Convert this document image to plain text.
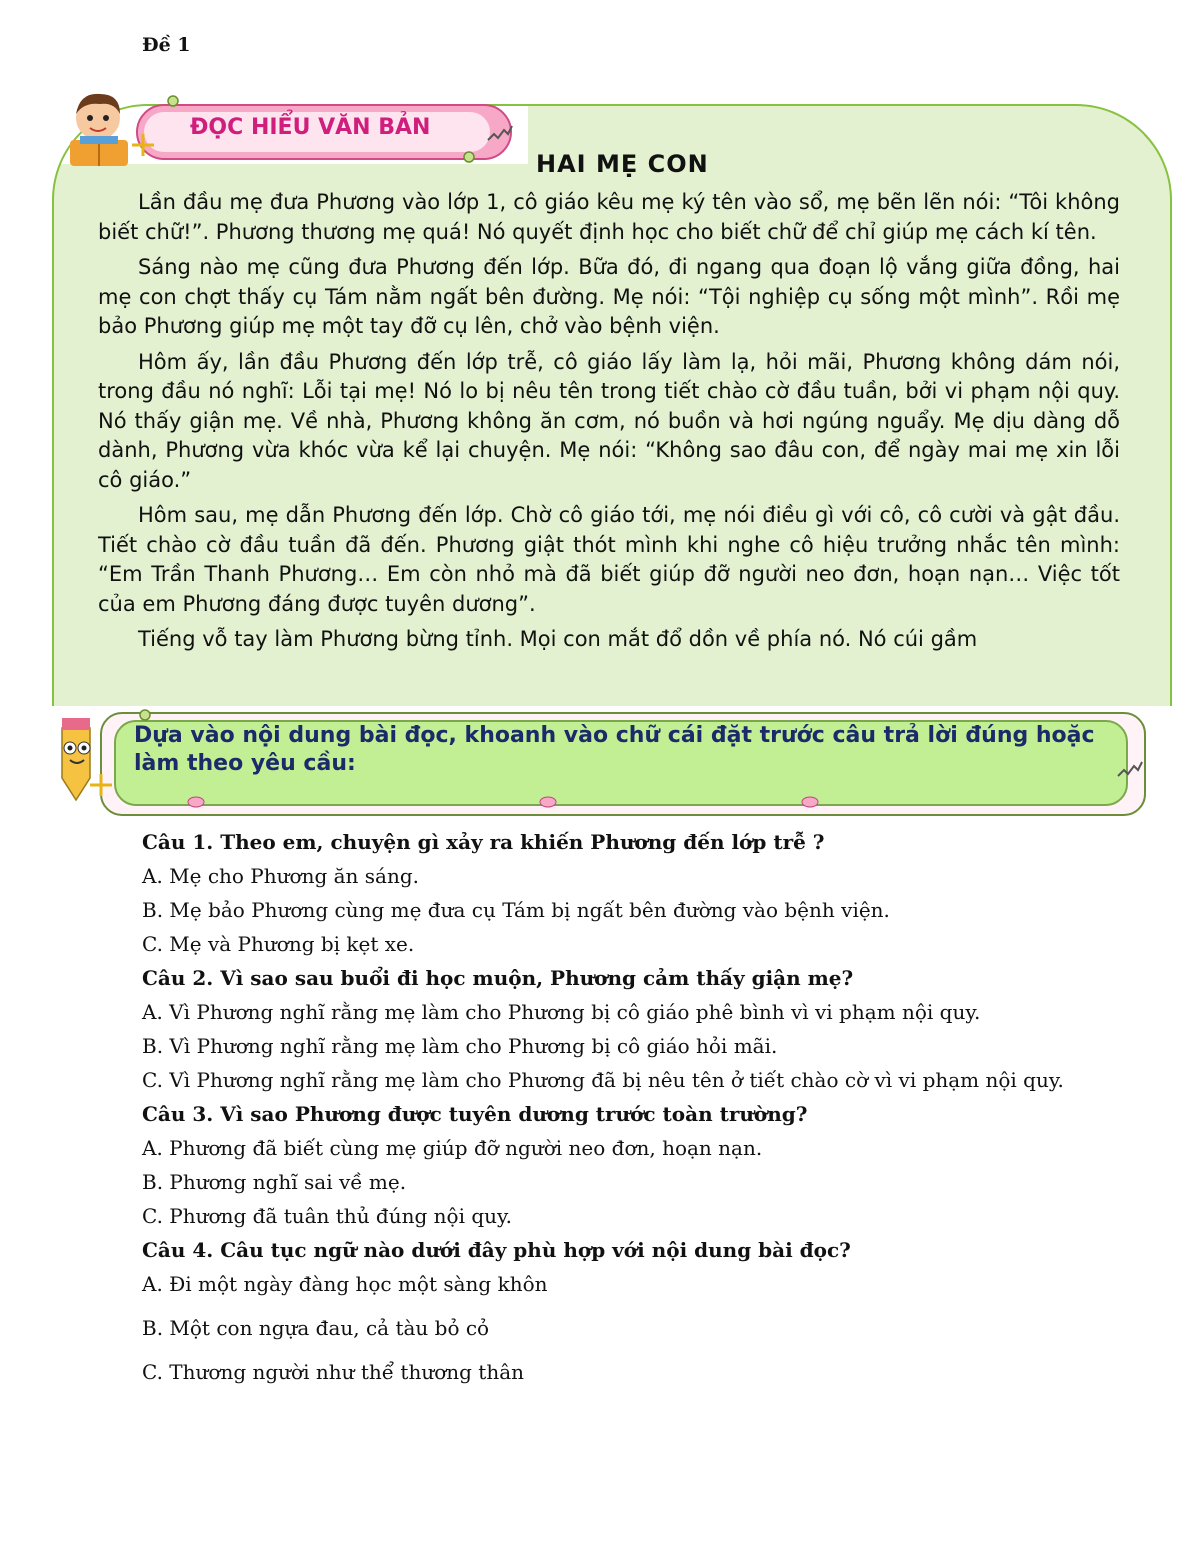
Đề 1
ĐỌC HIỂU VĂN BẢN
HAI MẸ CON

Lần đầu mẹ đưa Phương vào lớp 1, cô giáo kêu mẹ ký tên vào sổ, mẹ bẽn lẽn nói: “Tôi không biết chữ!”. Phương thương mẹ quá! Nó quyết định học cho biết chữ để chỉ giúp mẹ cách kí tên.

Sáng nào mẹ cũng đưa Phương đến lớp. Bữa đó, đi ngang qua đoạn lộ vắng giữa đồng, hai mẹ con chợt thấy cụ Tám nằm ngất bên đường. Mẹ nói: “Tội nghiệp cụ sống một mình”. Rồi mẹ bảo Phương giúp mẹ một tay đỡ cụ lên, chở vào bệnh viện.

Hôm ấy, lần đầu Phương đến lớp trễ, cô giáo lấy làm lạ, hỏi mãi, Phương không dám nói, trong đầu nó nghĩ: Lỗi tại mẹ! Nó lo bị nêu tên trong tiết chào cờ đầu tuần, bởi vi phạm nội quy. Nó thấy giận mẹ. Về nhà, Phương không ăn cơm, nó buồn và hơi ngúng nguẩy. Mẹ dịu dàng dỗ dành, Phương vừa khóc vừa kể lại chuyện. Mẹ nói: “Không sao đâu con, để ngày mai mẹ xin lỗi cô giáo.”

Hôm sau, mẹ dẫn Phương đến lớp. Chờ cô giáo tới, mẹ nói điều gì với cô, cô cười và gật đầu. Tiết chào cờ đầu tuần đã đến. Phương giật thót mình khi nghe cô hiệu trưởng nhắc tên mình: “Em Trần Thanh Phương… Em còn nhỏ mà đã biết giúp đỡ người neo đơn, hoạn nạn… Việc tốt của em Phương đáng được tuyên dương”.

Tiếng vỗ tay làm Phương bừng tỉnh. Mọi con mắt đổ dồn về phía nó. Nó cúi gầm

Dựa vào nội dung bài đọc, khoanh vào chữ cái đặt trước câu trả lời đúng hoặc làm theo yêu cầu:
Câu 1. Theo em, chuyện gì xảy ra khiến Phương đến lớp trễ ?
A. Mẹ cho Phương ăn sáng.
B. Mẹ bảo Phương cùng mẹ đưa cụ Tám bị ngất bên đường vào bệnh viện.
C. Mẹ và Phương bị kẹt xe.
Câu 2. Vì sao sau buổi đi học muộn, Phương cảm thấy giận mẹ?
A. Vì Phương nghĩ rằng mẹ làm cho Phương bị cô giáo phê bình vì vi phạm nội quy.
B. Vì Phương nghĩ rằng mẹ làm cho Phương bị cô giáo hỏi mãi.
C. Vì Phương nghĩ rằng mẹ làm cho Phương đã bị nêu tên ở tiết chào cờ vì vi phạm nội quy.
Câu 3. Vì sao Phương được tuyên dương trước toàn trường?
A. Phương đã biết cùng mẹ giúp đỡ người neo đơn, hoạn nạn.
B. Phương nghĩ sai về mẹ.
C. Phương đã tuân thủ đúng nội quy.
Câu 4. Câu tục ngữ nào dưới đây phù hợp với nội dung bài đọc?
A. Đi một ngày đàng học một sàng khôn
B. Một con ngựa đau, cả tàu bỏ cỏ
C. Thương người như thể thương thân
